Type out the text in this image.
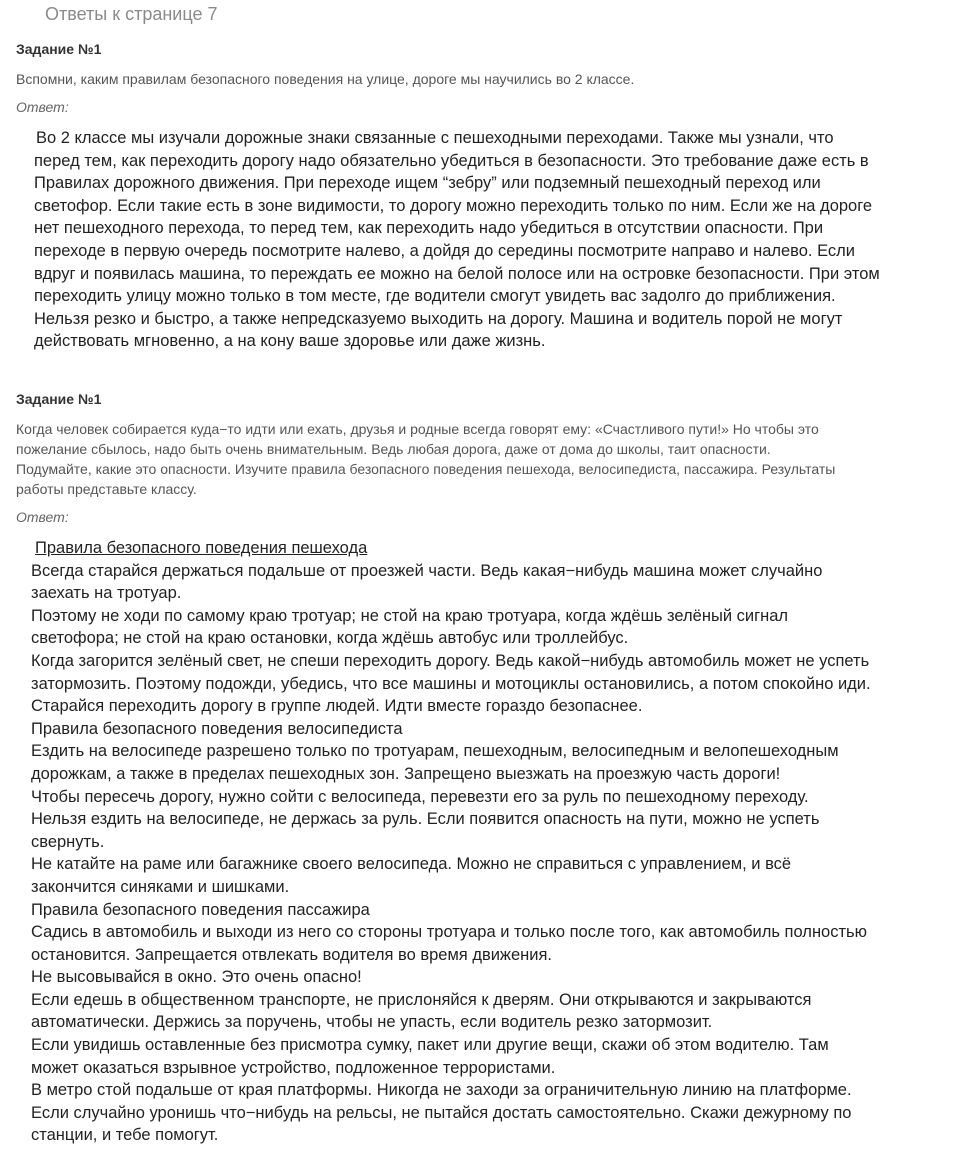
Ответы к странице 7
Задание №1
Вспомни, каким правилам безопасного поведения на улице, дороге мы научились во 2 классе.
Ответ:
Во 2 классе мы изучали дорожные знаки связанные с пешеходными переходами. Также мы узнали, что
перед тем, как переходить дорогу надо обязательно убедиться в безопасности. Это требование даже есть в
Правилах дорожного движения. При переходе ищем “зебру” или подземный пешеходный переход или
светофор. Если такие есть в зоне видимости, то дорогу можно переходить только по ним. Если же на дороге
нет пешеходного перехода, то перед тем, как переходить надо убедиться в отсутствии опасности. При
переходе в первую очередь посмотрите налево, а дойдя до середины посмотрите направо и налево. Если
вдруг и появилась машина, то переждать ее можно на белой полосе или на островке безопасности. При этом
переходить улицу можно только в том месте, где водители смогут увидеть вас задолго до приближения.
Нельзя резко и быстро, а также непредсказуемо выходить на дорогу. Машина и водитель порой не могут
действовать мгновенно, а на кону ваше здоровье или даже жизнь.
Задание №1
Когда человек собирается куда−то идти или ехать, друзья и родные всегда говорят ему: «Счастливого пути!» Но чтобы это
пожелание сбылось, надо быть очень внимательным. Ведь любая дорога, даже от дома до школы, таит опасности.
Подумайте, какие это опасности. Изучите правила безопасного поведения пешехода, велосипедиста, пассажира. Результаты
работы представьте классу.
Ответ:
Правила безопасного поведения пешехода
Всегда старайся держаться подальше от проезжей части. Ведь какая−нибудь машина может случайно
заехать на тротуар.
Поэтому не ходи по самому краю тротуар; не стой на краю тротуара, когда ждёшь зелёный сигнал
светофора; не стой на краю остановки, когда ждёшь автобус или троллейбус.
Когда загорится зелёный свет, не спеши переходить дорогу. Ведь какой−нибудь автомобиль может не успеть
затормозить. Поэтому подожди, убедись, что все машины и мотоциклы остановились, а потом спокойно иди.
Старайся переходить дорогу в группе людей. Идти вместе гораздо безопаснее.
Правила безопасного поведения велосипедиста
Ездить на велосипеде разрешено только по тротуарам, пешеходным, велосипедным и велопешеходным
дорожкам, а также в пределах пешеходных зон. Запрещено выезжать на проезжую часть дороги!
Чтобы пересечь дорогу, нужно сойти с велосипеда, перевезти его за руль по пешеходному переходу.
Нельзя ездить на велосипеде, не держась за руль. Если появится опасность на пути, можно не успеть
свернуть.
Не катайте на раме или багажнике своего велосипеда. Можно не справиться с управлением, и всё
закончится синяками и шишками.
Правила безопасного поведения пассажира
Садись в автомобиль и выходи из него со стороны тротуара и только после того, как автомобиль полностью
остановится. Запрещается отвлекать водителя во время движения.
Не высовывайся в окно. Это очень опасно!
Если едешь в общественном транспорте, не прислоняйся к дверям. Они открываются и закрываются
автоматически. Держись за поручень, чтобы не упасть, если водитель резко затормозит.
Если увидишь оставленные без присмотра сумку, пакет или другие вещи, скажи об этом водителю. Там
может оказаться взрывное устройство, подложенное террористами.
В метро стой подальше от края платформы. Никогда не заходи за ограничительную линию на платформе.
Если случайно уронишь что−нибудь на рельсы, не пытайся достать самостоятельно. Скажи дежурному по
станции, и тебе помогут.
